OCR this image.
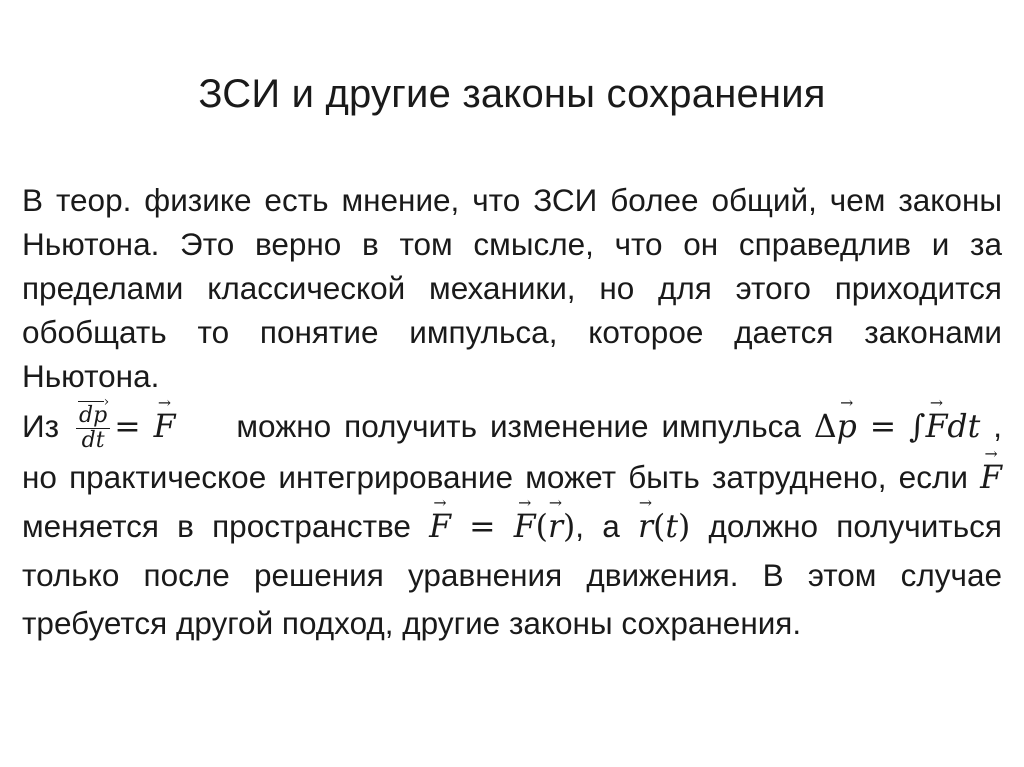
ЗСИ и другие законы сохранения
В теор. физике есть мнение, что ЗСИ более общий, чем законы Ньютона. Это верно в том смысле, что он справедлив и за пределами классической механики, но для этого приходится обобщать то понятие импульса, которое дается законами Ньютона.
Из $\frac{dp ›}{dt}$ = → F можно получить изменение импульса Δ→ p = ∫→ Fdt , но практическое интегрирование может быть затруднено, если → F меняется в пространстве → F = → F(→ r), а → r(t) должно получиться только после решения уравнения движения. В этом случае требуется другой подход, другие законы сохранения.
